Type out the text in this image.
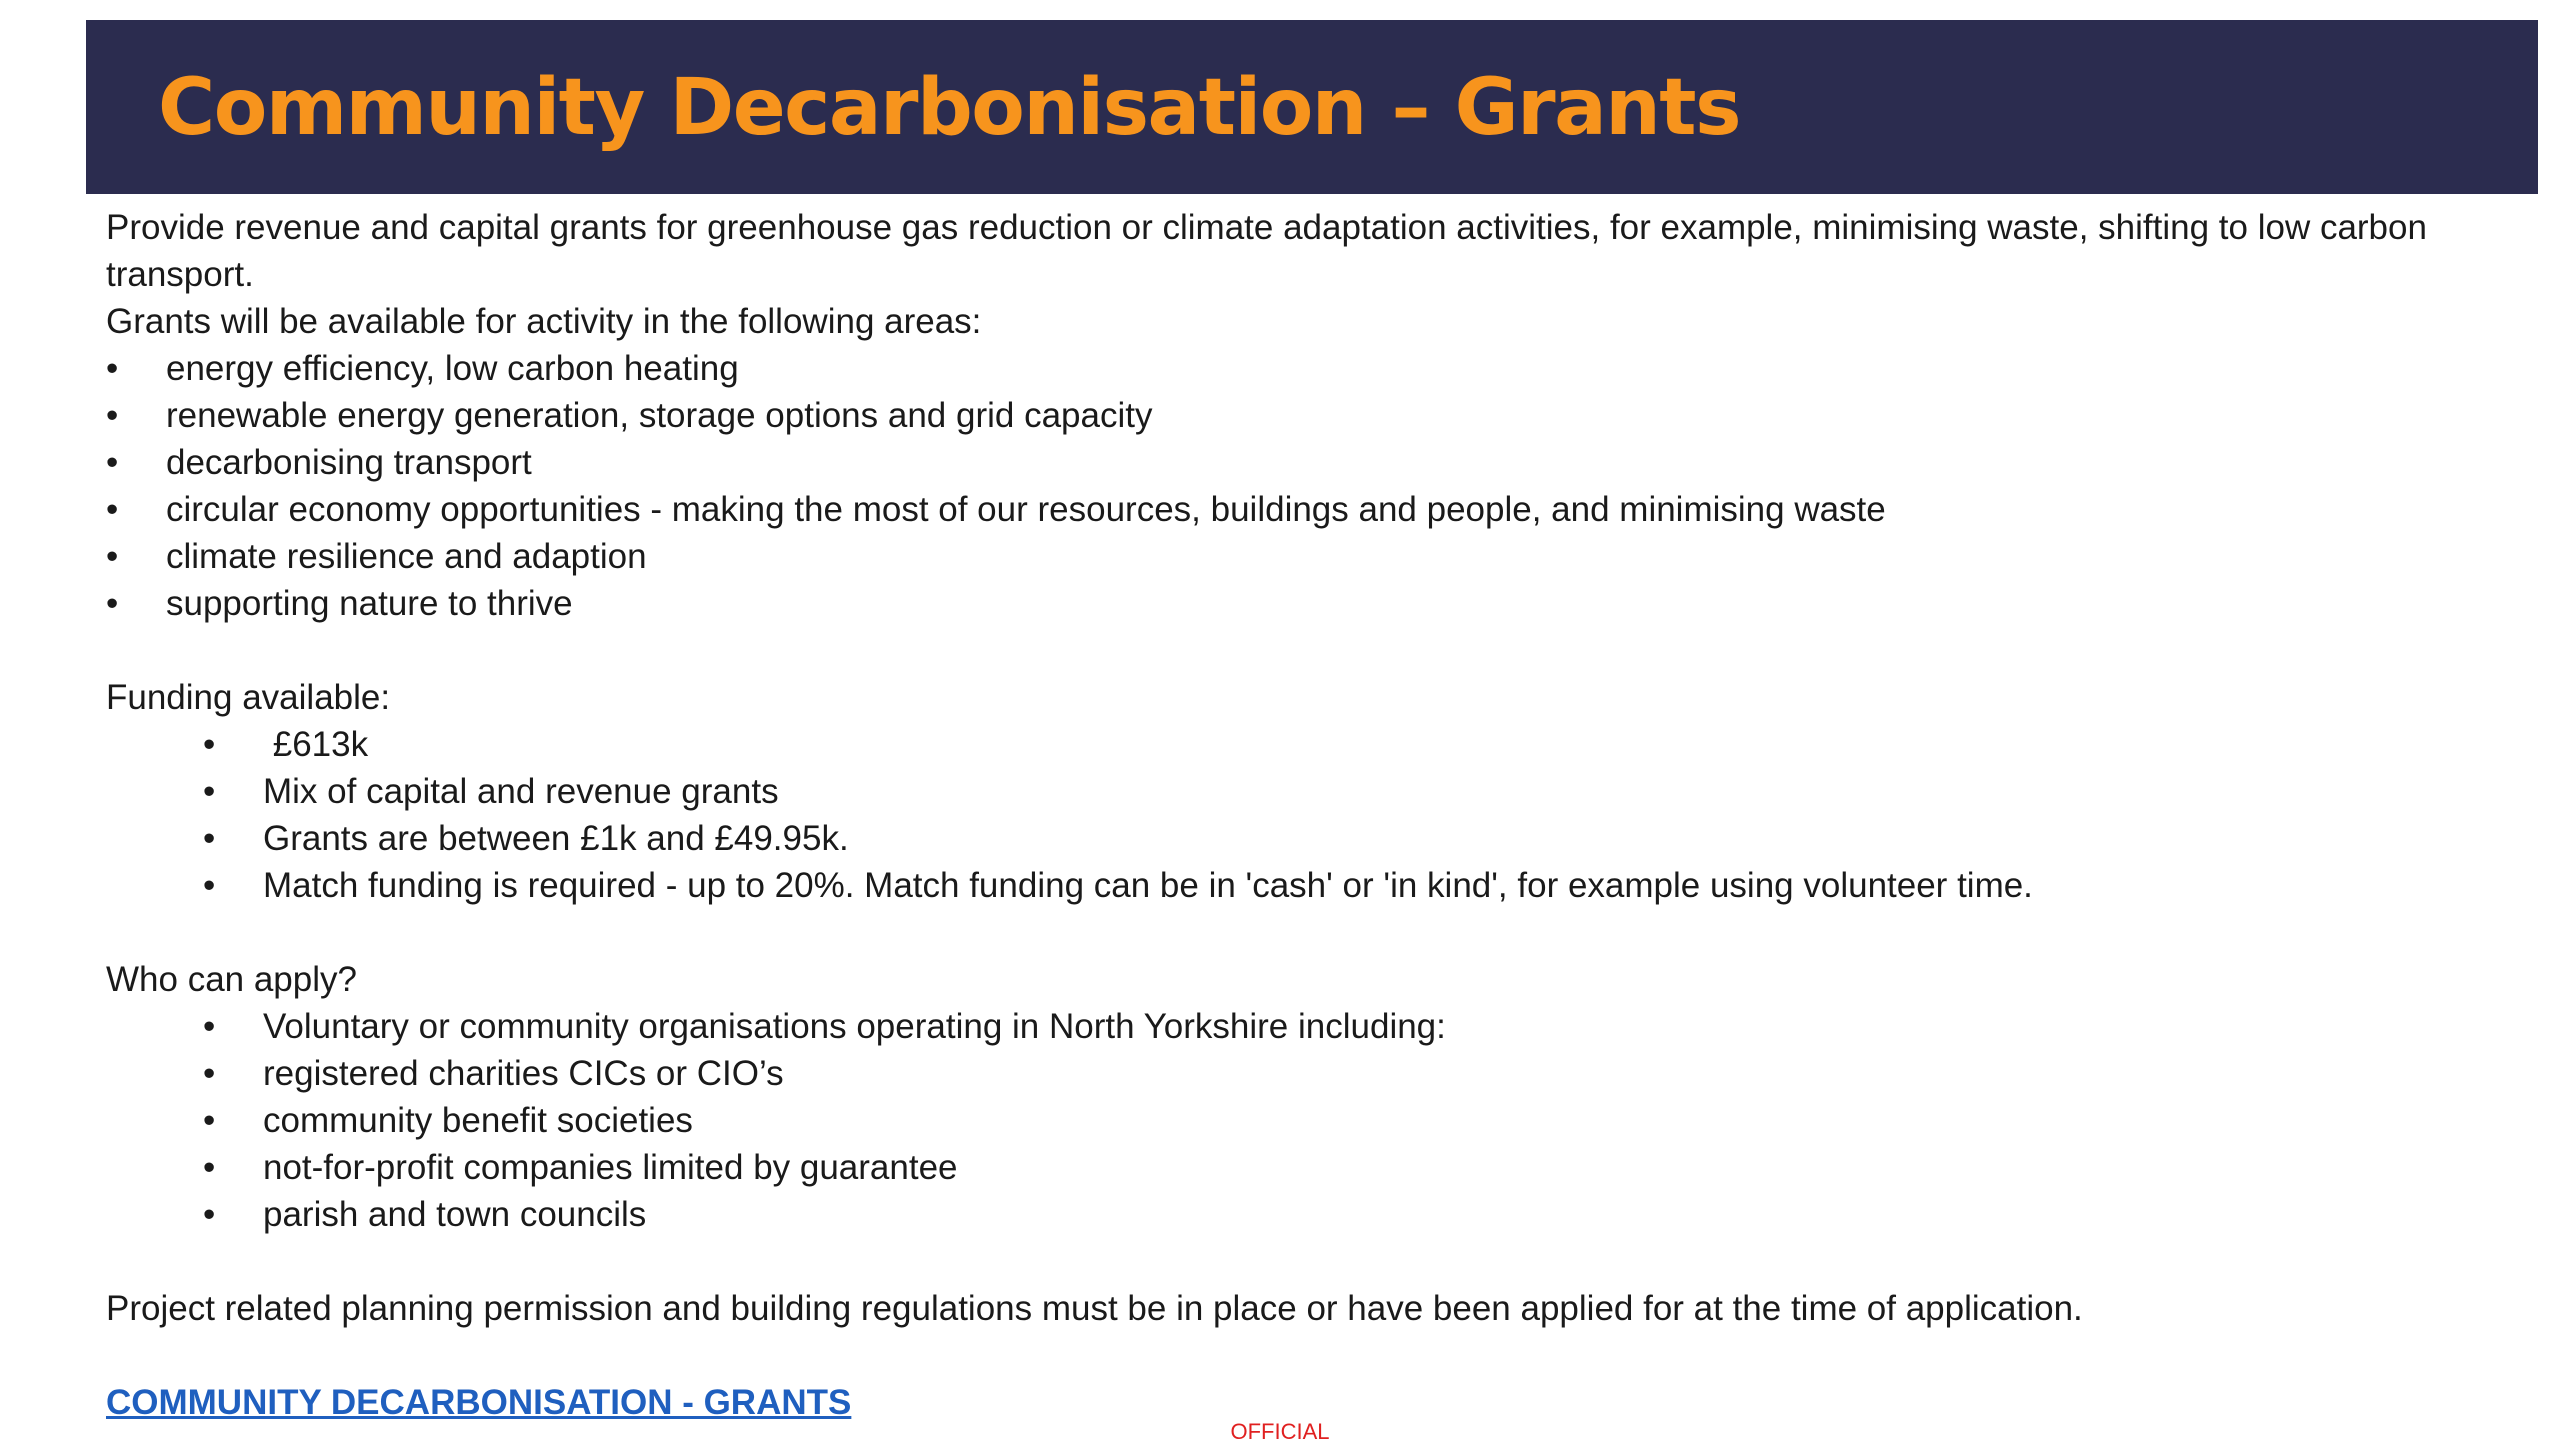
Community Decarbonisation – Grants

Provide revenue and capital grants for greenhouse gas reduction or climate adaptation activities, for example, minimising waste, shifting to low carbon transport.

Grants will be available for activity in the following areas:

• energy efficiency, low carbon heating
• renewable energy generation, storage options and grid capacity
• decarbonising transport
• circular economy opportunities - making the most of our resources, buildings and people, and minimising waste
• climate resilience and adaption
• supporting nature to thrive

Funding available:

•  £613k
• Mix of capital and revenue grants
• Grants are between £1k and £49.95k.
• Match funding is required - up to 20%. Match funding can be in 'cash' or 'in kind', for example using volunteer time.

Who can apply?

• Voluntary or community organisations operating in North Yorkshire including:
• registered charities CICs or CIO’s
• community benefit societies
• not-for-profit companies limited by guarantee
• parish and town councils

Project related planning permission and building regulations must be in place or have been applied for at the time of application.

COMMUNITY DECARBONISATION - GRANTS
OFFICIAL
